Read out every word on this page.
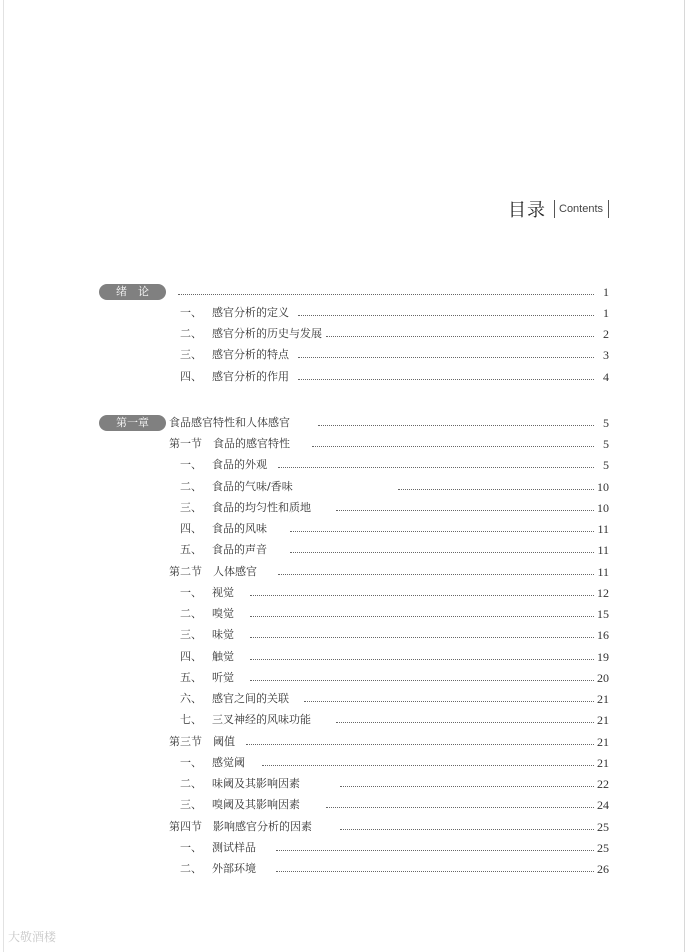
目录 Contents
绪　论	1
一、 感官分析的定义	1
二、 感官分析的历史与发展	2
三、 感官分析的特点	3
四、 感官分析的作用	4
第一章	食品感官特性和人体感官	5
第一节　食品的感官特性	5
一、 食品的外观	5
二、 食品的气味/香味	10
三、 食品的均匀性和质地	10
四、 食品的风味	11
五、 食品的声音	11
第二节　人体感官	11
一、 视觉	12
二、 嗅觉	15
三、 味觉	16
四、 触觉	19
五、 听觉	20
六、 感官之间的关联	21
七、 三叉神经的风味功能	21
第三节　阈值	21
一、 感觉阈	21
二、 味阈及其影响因素	22
三、 嗅阈及其影响因素	24
第四节　影响感官分析的因素	25
一、 测试样品	25
二、 外部环境	26
大敬酒楼
